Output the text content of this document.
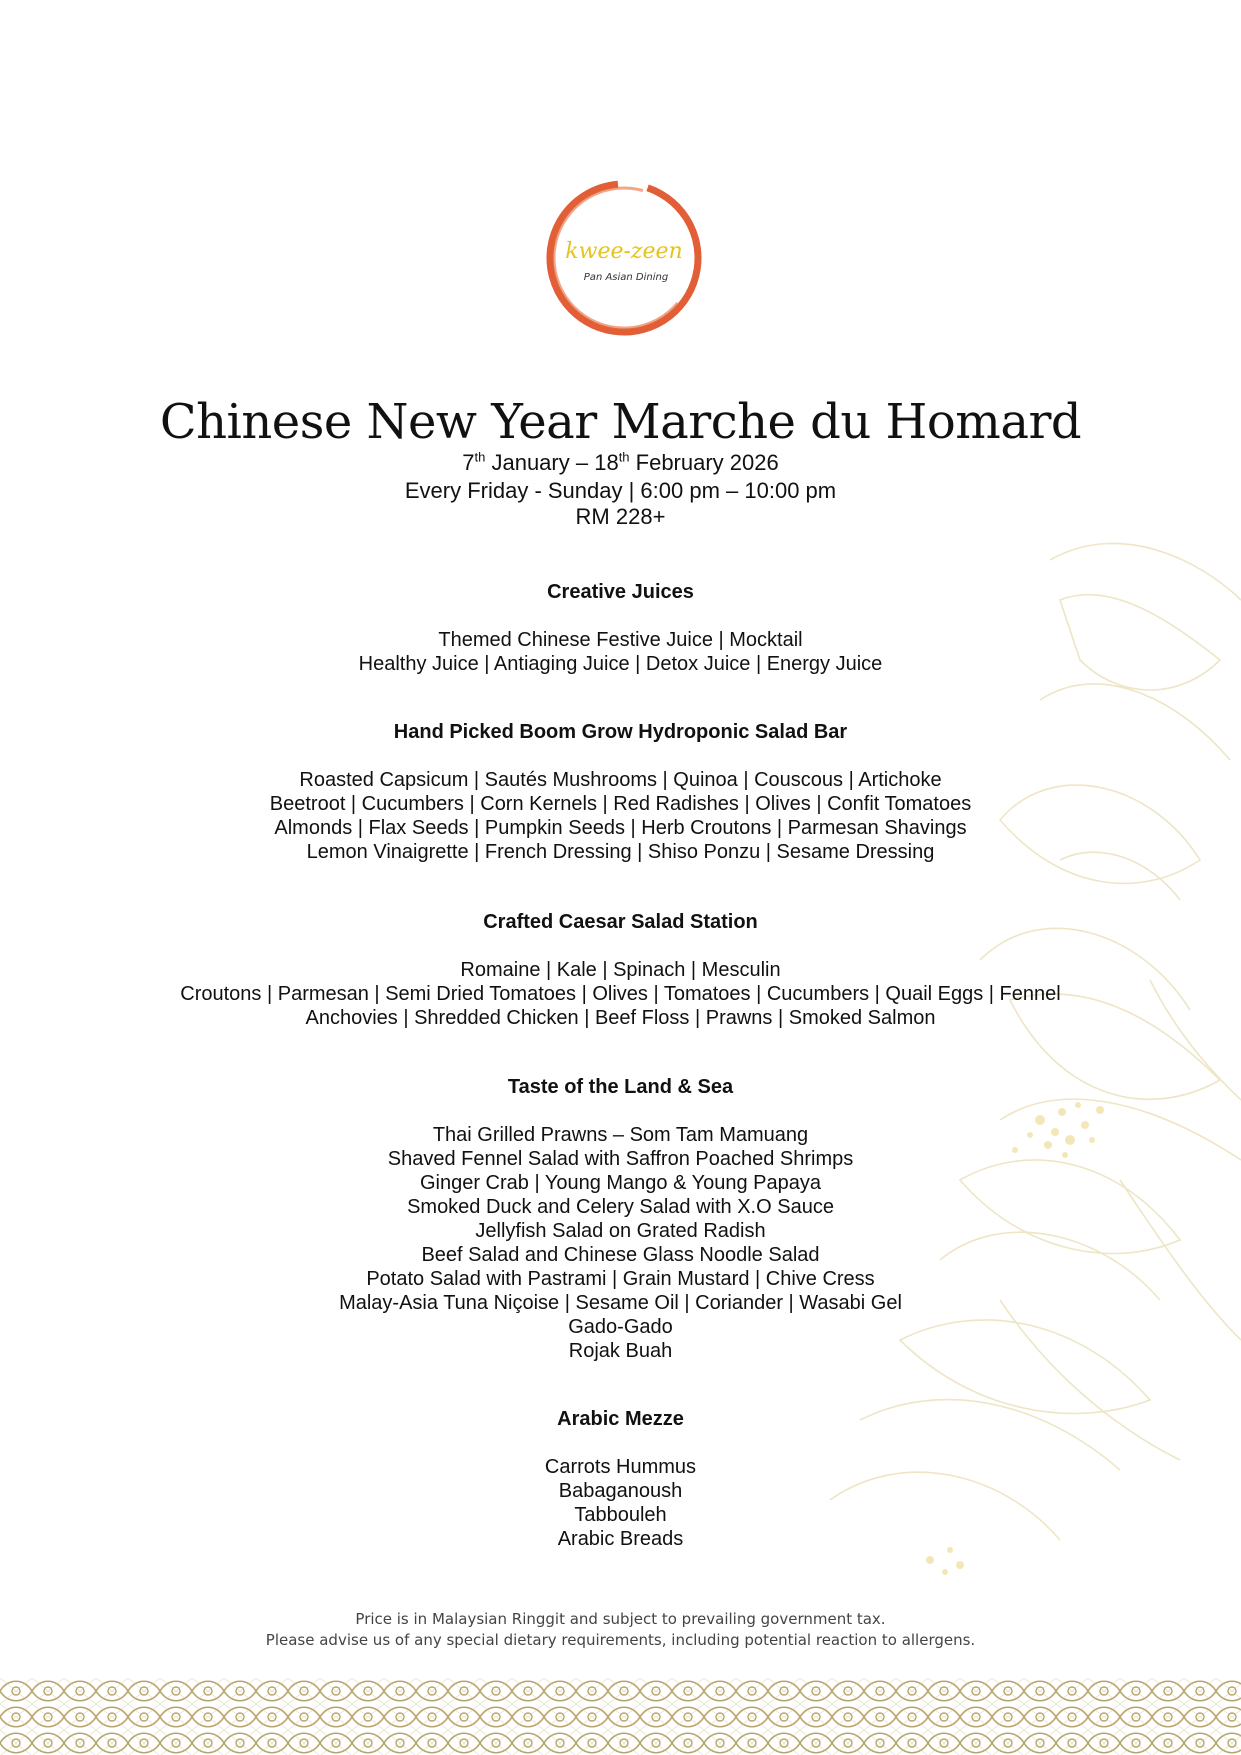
kwee-zeen
Pan Asian Dining
Chinese New Year Marche du Homard
7th January – 18th February 2026
Every Friday - Sunday | 6:00 pm – 10:00 pm
RM 228+
Creative Juices
Themed Chinese Festive Juice | Mocktail
Healthy Juice | Antiaging Juice | Detox Juice | Energy Juice
Hand Picked Boom Grow Hydroponic Salad Bar
Roasted Capsicum | Sautés Mushrooms | Quinoa | Couscous | Artichoke
Beetroot | Cucumbers | Corn Kernels | Red Radishes | Olives | Confit Tomatoes
Almonds | Flax Seeds | Pumpkin Seeds | Herb Croutons | Parmesan Shavings
Lemon Vinaigrette | French Dressing | Shiso Ponzu | Sesame Dressing
Crafted Caesar Salad Station
Romaine | Kale | Spinach | Mesculin
Croutons | Parmesan | Semi Dried Tomatoes | Olives | Tomatoes | Cucumbers | Quail Eggs | Fennel
Anchovies | Shredded Chicken | Beef Floss | Prawns | Smoked Salmon
Taste of the Land & Sea
Thai Grilled Prawns – Som Tam Mamuang
Shaved Fennel Salad with Saffron Poached Shrimps
Ginger Crab | Young Mango & Young Papaya
Smoked Duck and Celery Salad with X.O Sauce
Jellyfish Salad on Grated Radish
Beef Salad and Chinese Glass Noodle Salad
Potato Salad with Pastrami | Grain Mustard | Chive Cress
Malay-Asia Tuna Niçoise | Sesame Oil | Coriander | Wasabi Gel
Gado-Gado
Rojak Buah
Arabic Mezze
Carrots Hummus
Babaganoush
Tabbouleh
Arabic Breads
Price is in Malaysian Ringgit and subject to prevailing government tax.
Please advise us of any special dietary requirements, including potential reaction to allergens.
